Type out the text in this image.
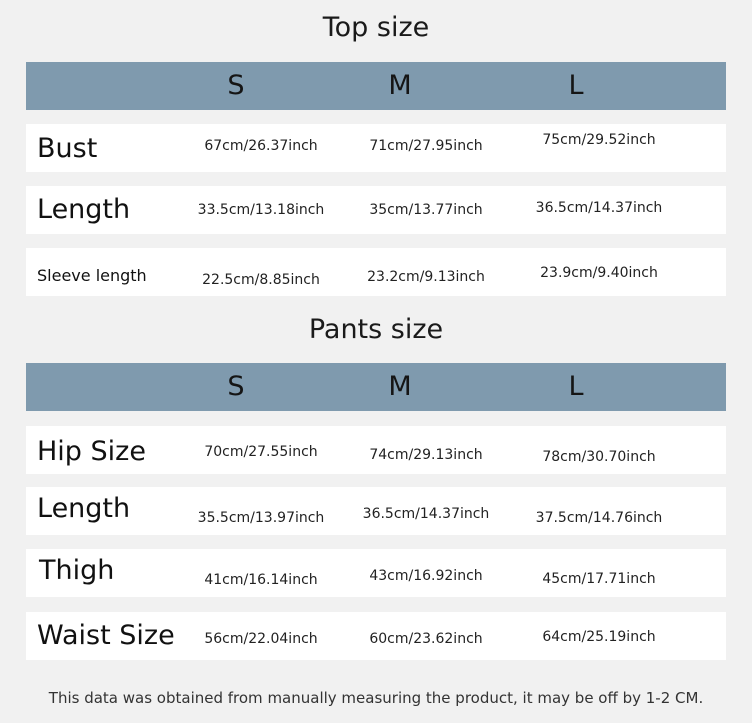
Top size
S	M	L
Bust	67cm/26.37inch	71cm/27.95inch	75cm/29.52inch
Length	33.5cm/13.18inch	35cm/13.77inch	36.5cm/14.37inch
Sleeve length	22.5cm/8.85inch	23.2cm/9.13inch	23.9cm/9.40inch
Pants size
S	M	L
Hip Size	70cm/27.55inch	74cm/29.13inch	78cm/30.70inch
Length	35.5cm/13.97inch	36.5cm/14.37inch	37.5cm/14.76inch
Thigh	41cm/16.14inch	43cm/16.92inch	45cm/17.71inch
Waist Size	56cm/22.04inch	60cm/23.62inch	64cm/25.19inch
This data was obtained from manually measuring the product, it may be off by 1-2 CM.
